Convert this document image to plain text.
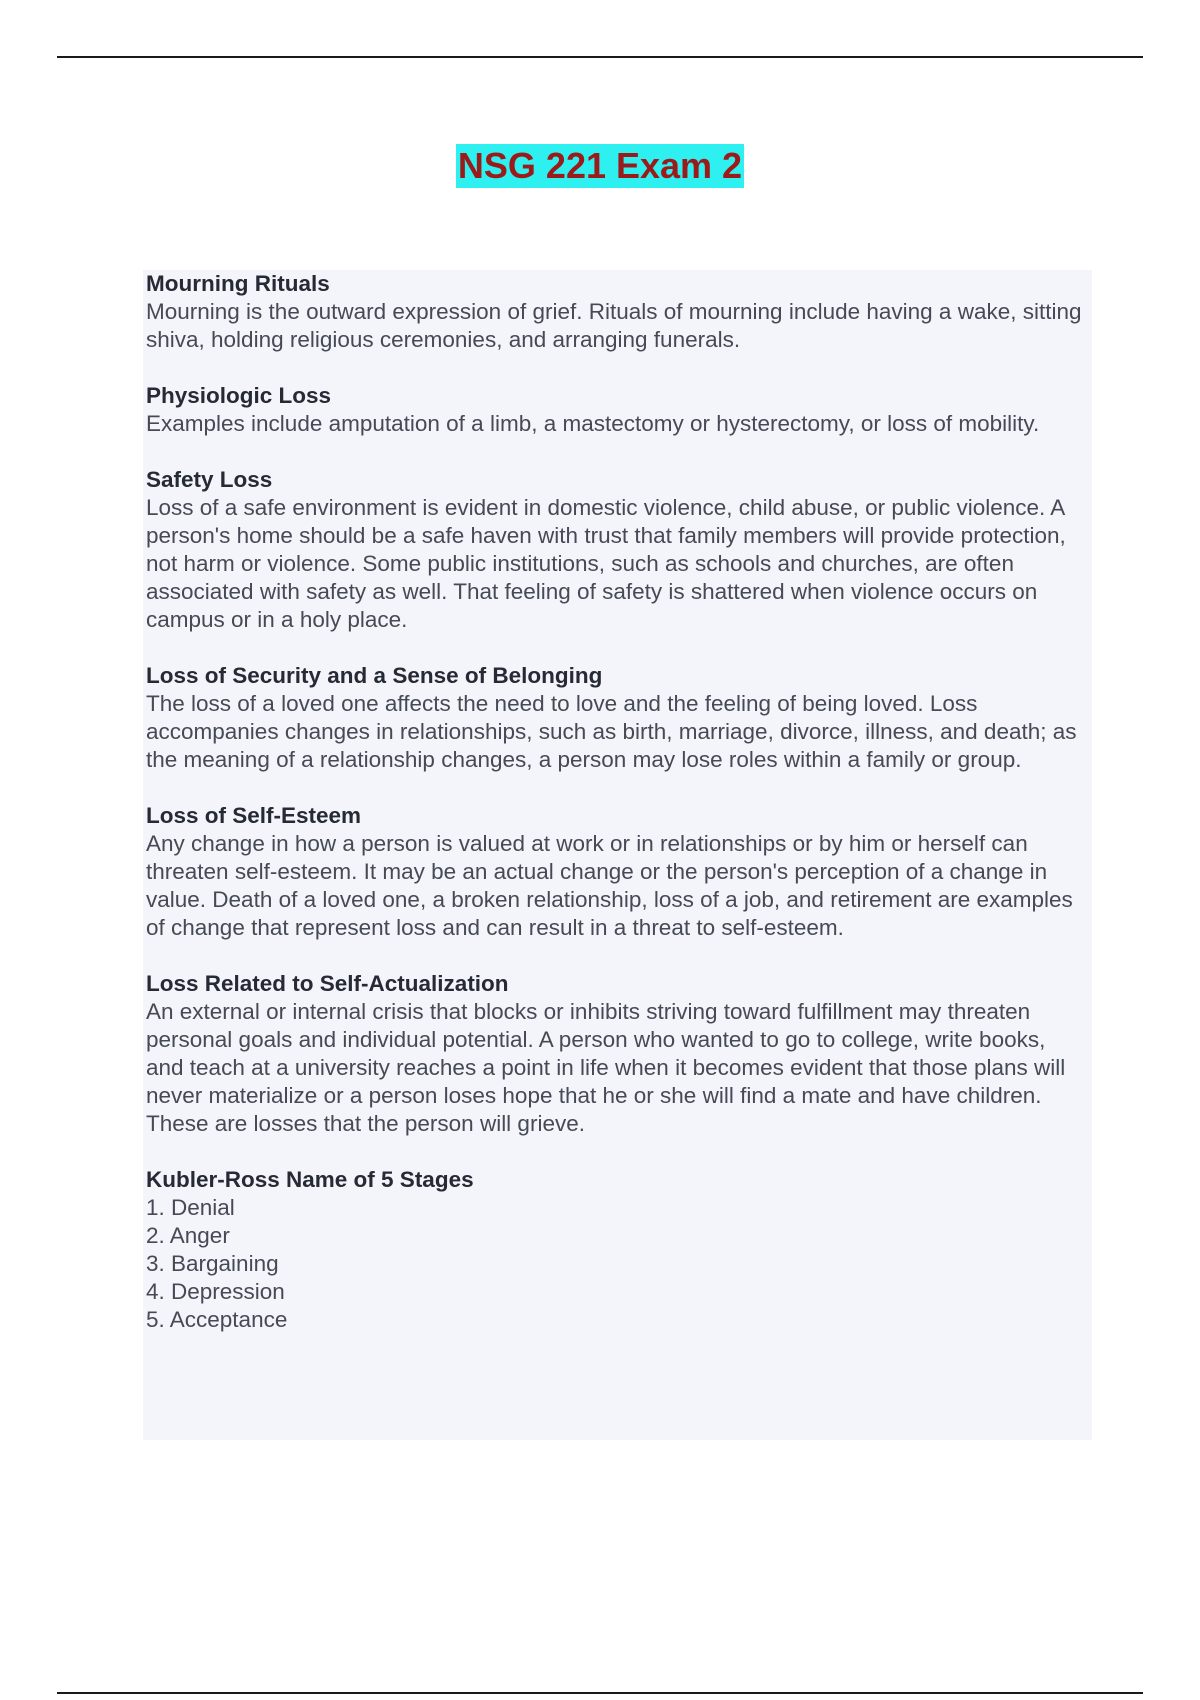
NSG 221 Exam 2

Mourning Rituals

Mourning is the outward expression of grief. Rituals of mourning include having a wake, sitting shiva, holding religious ceremonies, and arranging funerals.

Physiologic Loss

Examples include amputation of a limb, a mastectomy or hysterectomy, or loss of mobility.

Safety Loss

Loss of a safe environment is evident in domestic violence, child abuse, or public violence. A person's home should be a safe haven with trust that family members will provide protection, not harm or violence. Some public institutions, such as schools and churches, are often associated with safety as well. That feeling of safety is shattered when violence occurs on campus or in a holy place.

Loss of Security and a Sense of Belonging

The loss of a loved one affects the need to love and the feeling of being loved. Loss accompanies changes in relationships, such as birth, marriage, divorce, illness, and death; as the meaning of a relationship changes, a person may lose roles within a family or group.

Loss of Self-Esteem

Any change in how a person is valued at work or in relationships or by him or herself can threaten self-esteem. It may be an actual change or the person's perception of a change in value. Death of a loved one, a broken relationship, loss of a job, and retirement are examples of change that represent loss and can result in a threat to self-esteem.

Loss Related to Self-Actualization

An external or internal crisis that blocks or inhibits striving toward fulfillment may threaten personal goals and individual potential. A person who wanted to go to college, write books, and teach at a university reaches a point in life when it becomes evident that those plans will never materialize or a person loses hope that he or she will find a mate and have children. These are losses that the person will grieve.

Kubler-Ross Name of 5 Stages

1. Denial
2. Anger
3. Bargaining
4. Depression
5. Acceptance
